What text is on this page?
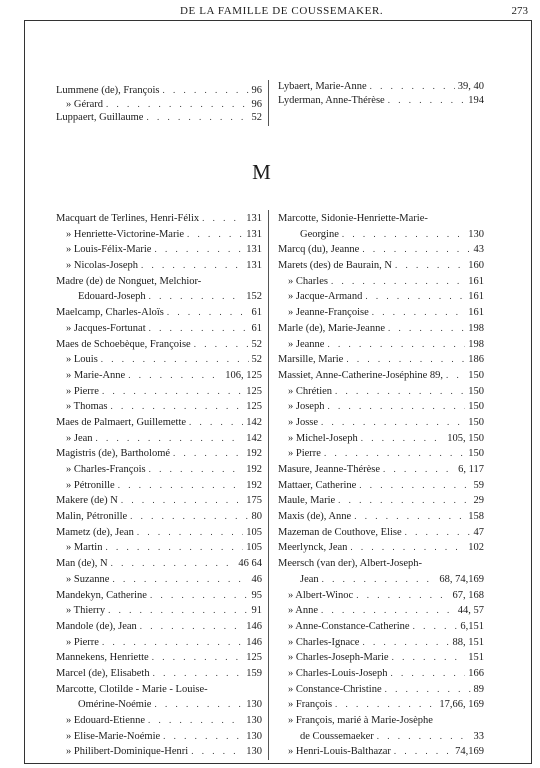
DE LA FAMILLE DE COUSSEMAKER.	273
Lummene (de), François . . .	96
» Gérard . . .	96
Luppaert, Guillaume . . .	52
Lybaert, Marie-Anne . . .	39, 40
Lyderman, Anne-Thérèse . . .	194
M
Macquart de Terlines, Henri-Félix . . .	131
» Henriette-Victorine-Marie . . .	131
» Louis-Félix-Marie . . .	131
» Nicolas-Joseph . . .	131
Madre (de) de Nonguet, Melchior-
Edouard-Joseph . . .	152
Maelcamp, Charles-Aloïs . . .	61
» Jacques-Fortunat . . .	61
Maes de Schoebèque, Françoise . . .	52
» Louis . . .	52
» Marie-Anne . . .	106, 125
» Pierre . . .	125
» Thomas . . .	125
Maes de Palmaert, Guillemette . . .	142
» Jean . . .	142
Magistris (de), Bartholomé . . .	192
» Charles-François . . .	192
» Pétronille . . .	192
Makere (de) N . . .	175
Malin, Pétronille . . .	80
Mametz (de), Jean . . .	105
» Martin . . .	105
Man (de), N . . .	46 64
» Suzanne . . .	46
Mandekyn, Catherine . . .	95
» Thierry . . .	91
Mandole (de), Jean . . .	146
» Pierre . . .	146
Mannekens, Henriette . . .	125
Marcel (de), Elisabeth . . .	159
Marcotte, Clotilde - Marie - Louise-
Omérine-Noémie . . .	130
» Edouard-Etienne . . .	130
» Elise-Marie-Noémie . . .	130
» Philibert-Dominique-Henri . . .	130
Marcotte, Sidonie-Henriette-Marie-
Georgine . . .	130
Marcq (du), Jeanne . . .	43
Marets (des) de Baurain, N . . .	160
» Charles . . .	161
» Jacque-Armand . . .	161
» Jeanne-Françoise . . .	161
Marle (de), Marie-Jeanne . . .	198
» Jeanne . . .	198
Marsille, Marie . . .	186
Massiet, Anne-Catherine-Joséphine 89, . . . 150
» Chrétien . . .	150
» Joseph . . .	150
» Josse . . .	150
» Michel-Joseph . . .	105, 150
» Pierre . . .	150
Masure, Jeanne-Thérèse . . .	6, 117
Mattaer, Catherine . . .	59
Maule, Marie . . .	29
Maxis (de), Anne . . .	158
Mazeman de Couthove, Elise . . .	47
Meerlynck, Jean . . .	102
Meersch (van der), Albert-Joseph-
Jean . . .	68, 74,169
» Albert-Winoc . . .	67, 168
» Anne . . .	44, 57
» Anne-Constance-Catherine . . .	6,151
» Charles-Ignace . . .	88, 151
» Charles-Joseph-Marie . . .	151
» Charles-Louis-Joseph . . .	166
» Constance-Christine . . .	89
» François . . .	17,66, 169
» François, marié à Marie-Josèphe
de Coussemaeker . . .	33
» Henri-Louis-Balthazar . . .	74,169
